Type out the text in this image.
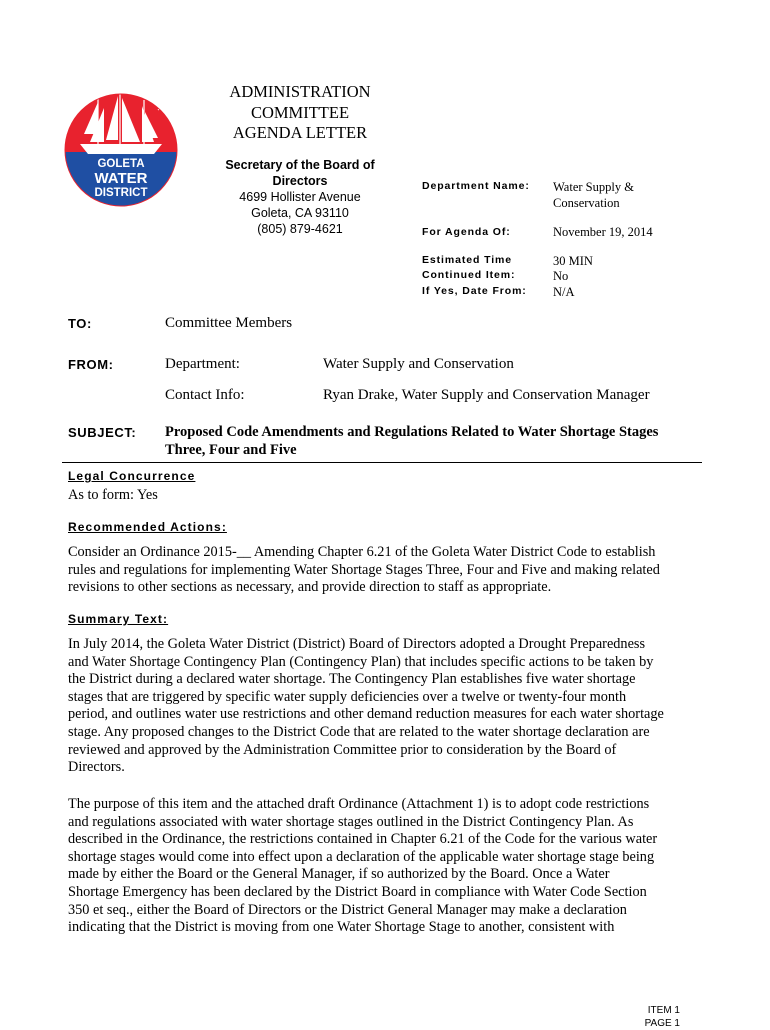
GOLETA
WATER
DISTRICT
ADMINISTRATION
COMMITTEE
AGENDA LETTER
Secretary of the Board of
Directors
4699 Hollister Avenue
Goleta, CA 93110
(805) 879-4621
Department Name: Water Supply &
Conservation
For Agenda Of:	November 19, 2014
Estimated Time	30 MIN
Continued Item:	No
If Yes, Date From: N/A
TO:	Committee Members
FROM:	Department:	Water Supply and Conservation
Contact Info:	Ryan Drake, Water Supply and Conservation Manager
SUBJECT: Proposed Code Amendments and Regulations Related to Water Shortage Stages
Three, Four and Five
Legal Concurrence
As to form: Yes
Recommended Actions:
Consider an Ordinance 2015-__ Amending Chapter 6.21 of the Goleta Water District Code to establish
rules and regulations for implementing Water Shortage Stages Three, Four and Five and making related
revisions to other sections as necessary, and provide direction to staff as appropriate.
Summary Text:
In July 2014, the Goleta Water District (District) Board of Directors adopted a Drought Preparedness
and Water Shortage Contingency Plan (Contingency Plan) that includes specific actions to be taken by
the District during a declared water shortage. The Contingency Plan establishes five water shortage
stages that are triggered by specific water supply deficiencies over a twelve or twenty-four month
period, and outlines water use restrictions and other demand reduction measures for each water shortage
stage. Any proposed changes to the District Code that are related to the water shortage declaration are
reviewed and approved by the Administration Committee prior to consideration by the Board of
Directors.
The purpose of this item and the attached draft Ordinance (Attachment 1) is to adopt code restrictions
and regulations associated with water shortage stages outlined in the District Contingency Plan. As
described in the Ordinance, the restrictions contained in Chapter 6.21 of the Code for the various water
shortage stages would come into effect upon a declaration of the applicable water shortage stage being
made by either the Board or the General Manager, if so authorized by the Board. Once a Water
Shortage Emergency has been declared by the District Board in compliance with Water Code Section
350 et seq., either the Board of Directors or the District General Manager may make a declaration
indicating that the District is moving from one Water Shortage Stage to another, consistent with
ITEM 1
PAGE 1
